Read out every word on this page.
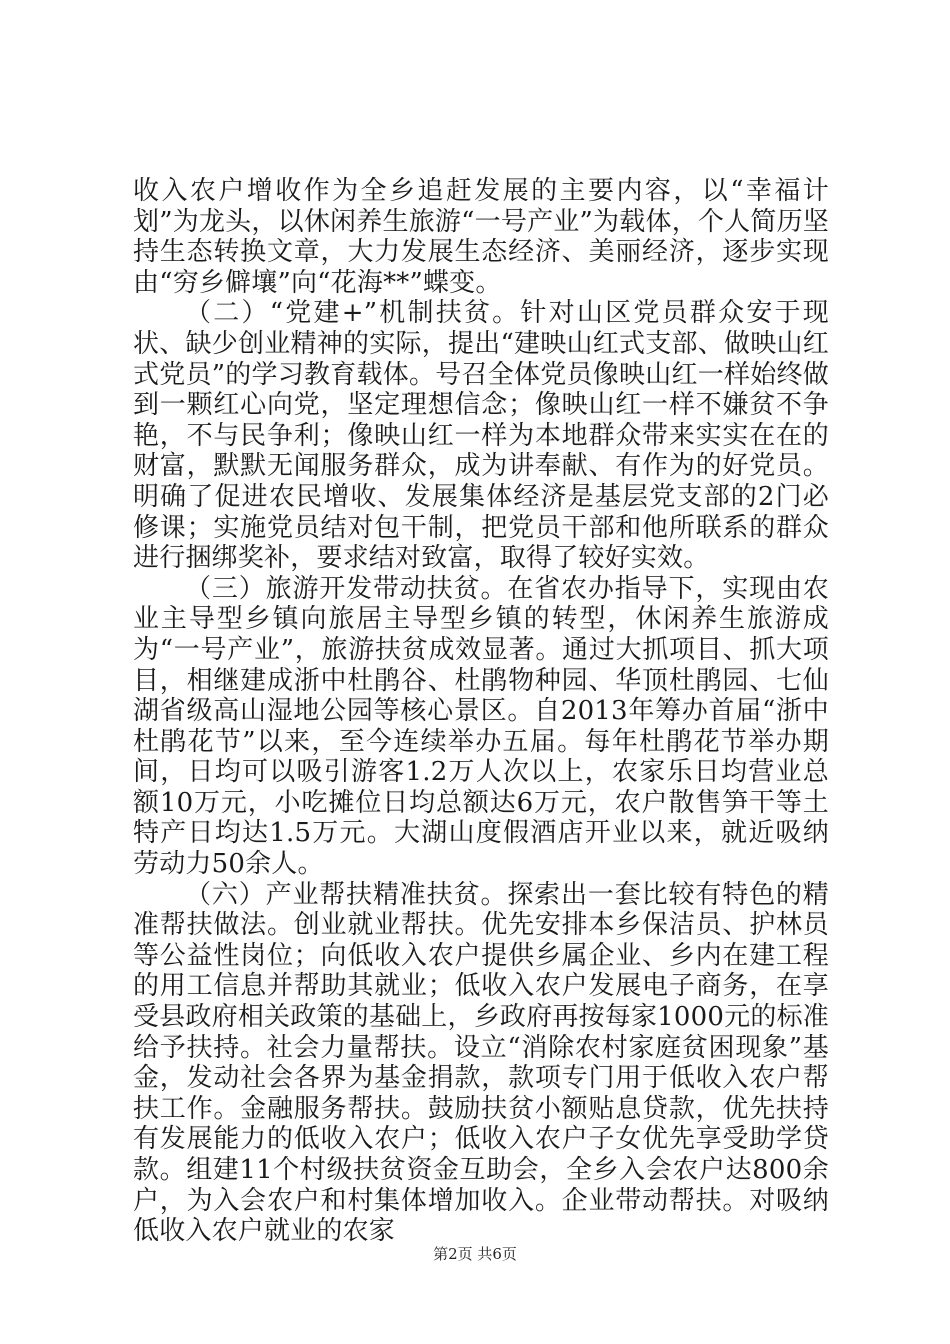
收入农户增收作为全乡追赶发展的主要内容，以“幸福计划”为龙头，以休闲养生旅游“一号产业”为载体，个人简历坚持生态转换文章，大力发展生态经济、美丽经济，逐步实现由“穷乡僻壤”向“花海**”蝶变。

（二）“党建+”机制扶贫。针对山区党员群众安于现状、缺少创业精神的实际，提出“建映山红式支部、做映山红式党员”的学习教育载体。号召全体党员像映山红一样始终做到一颗红心向党，坚定理想信念；像映山红一样不嫌贫不争艳，不与民争利；像映山红一样为本地群众带来实实在在的财富，默默无闻服务群众，成为讲奉献、有作为的好党员。明确了促进农民增收、发展集体经济是基层党支部的2门必修课；实施党员结对包干制，把党员干部和他所联系的群众进行捆绑奖补，要求结对致富，取得了较好实效。

（三）旅游开发带动扶贫。在省农办指导下，实现由农业主导型乡镇向旅居主导型乡镇的转型，休闲养生旅游成为“一号产业”，旅游扶贫成效显著。通过大抓项目、抓大项目，相继建成浙中杜鹃谷、杜鹃物种园、华顶杜鹃园、七仙湖省级高山湿地公园等核心景区。自2013年筹办首届“浙中杜鹃花节”以来，至今连续举办五届。每年杜鹃花节举办期间，日均可以吸引游客1.2万人次以上，农家乐日均营业总额10万元，小吃摊位日均总额达6万元，农户散售笋干等土特产日均达1.5万元。大湖山度假酒店开业以来，就近吸纳劳动力50余人。

（六）产业帮扶精准扶贫。探索出一套比较有特色的精准帮扶做法。创业就业帮扶。优先安排本乡保洁员、护林员等公益性岗位；向低收入农户提供乡属企业、乡内在建工程的用工信息并帮助其就业；低收入农户发展电子商务，在享受县政府相关政策的基础上，乡政府再按每家1000元的标准给予扶持。社会力量帮扶。设立“消除农村家庭贫困现象”基金，发动社会各界为基金捐款，款项专门用于低收入农户帮扶工作。金融服务帮扶。鼓励扶贫小额贴息贷款，优先扶持有发展能力的低收入农户；低收入农户子女优先享受助学贷款。组建11个村级扶贫资金互助会，全乡入会农户达800余户，为入会农户和村集体增加收入。企业带动帮扶。对吸纳低收入农户就业的农家

第2页 共6页
